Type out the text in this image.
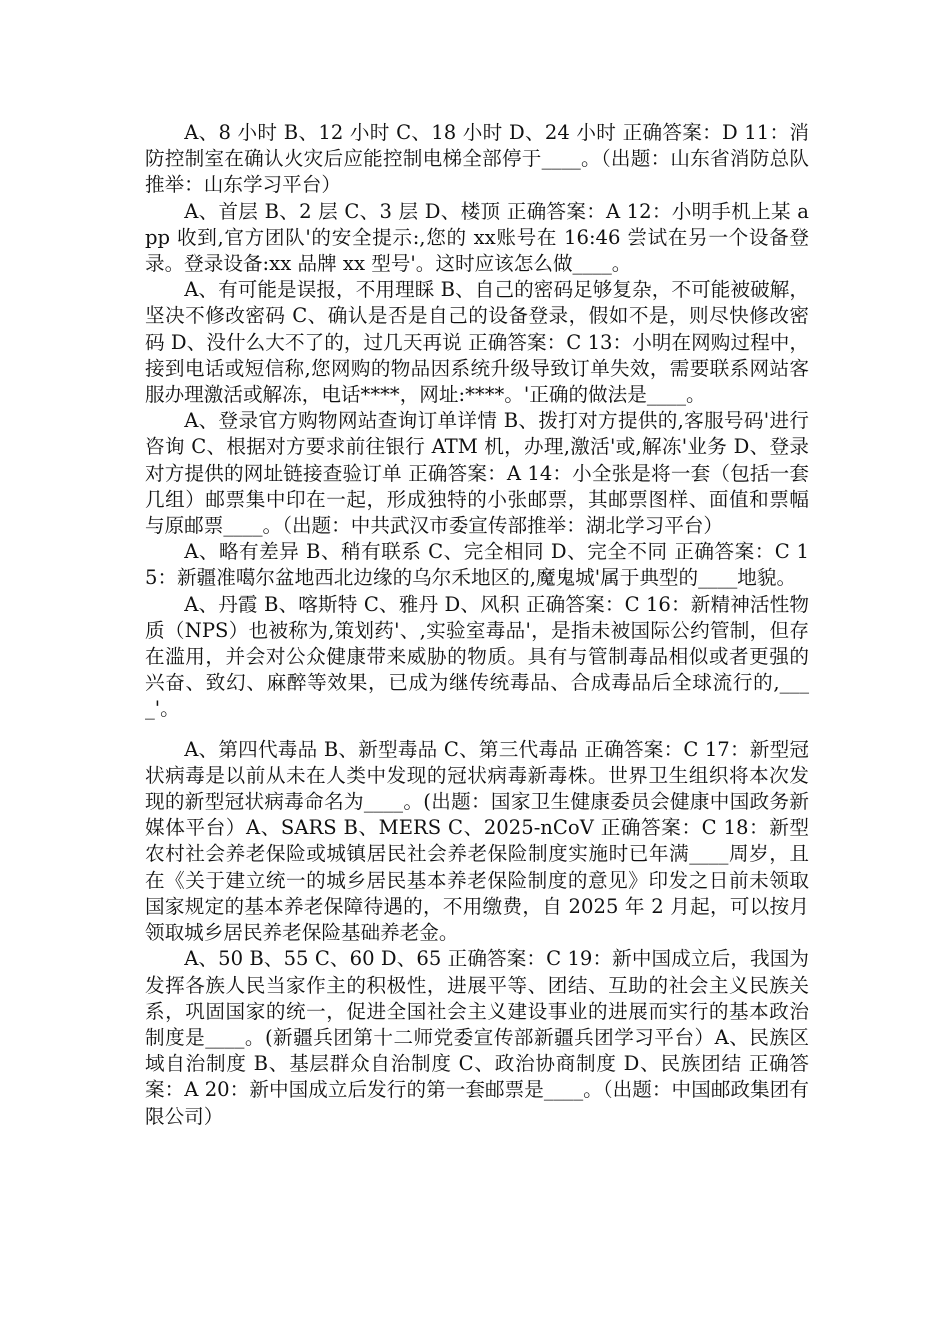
A、8 小时 B、12 小时 C、18 小时 D、24 小时 正确答案：D 11：消防控制室在确认火灾后应能控制电梯全部停于____。（出题：山东省消防总队推举：山东学习平台）

A、首层 B、2 层 C、3 层 D、楼顶 正确答案：A 12：小明手机上某 app 收到,官方团队'的安全提示:,您的 xx账号在 16:46 尝试在另一个设备登录。登录设备:xx 品牌 xx 型号'。这时应该怎么做____。

A、有可能是误报，不用理睬 B、自己的密码足够复杂，不可能被破解，坚决不修改密码 C、确认是否是自己的设备登录，假如不是，则尽快修改密码 D、没什么大不了的，过几天再说 正确答案：C 13：小明在网购过程中，接到电话或短信称,您网购的物品因系统升级导致订单失效，需要联系网站客服办理激活或解冻，电话****，网址:****。'正确的做法是____。

A、登录官方购物网站查询订单详情 B、拨打对方提供的,客服号码'进行咨询 C、根据对方要求前往银行 ATM 机，办理,激活'或,解冻'业务 D、登录对方提供的网址链接查验订单 正确答案：A 14：小全张是将一套（包括一套几组）邮票集中印在一起，形成独特的小张邮票，其邮票图样、面值和票幅与原邮票____。（出题：中共武汉市委宣传部推举：湖北学习平台）

A、略有差异 B、稍有联系 C、完全相同 D、完全不同 正确答案：C 15：新疆准噶尔盆地西北边缘的乌尔禾地区的,魔鬼城'属于典型的____地貌。

A、丹霞 B、喀斯特 C、雅丹 D、风积 正确答案：C 16：新精神活性物质（NPS）也被称为,策划药'、,实验室毒品'，是指未被国际公约管制，但存在滥用，并会对公众健康带来威胁的物质。具有与管制毒品相似或者更强的兴奋、致幻、麻醉等效果，已成为继传统毒品、合成毒品后全球流行的,____'。

A、第四代毒品 B、新型毒品 C、第三代毒品 正确答案：C 17：新型冠状病毒是以前从未在人类中发现的冠状病毒新毒株。世界卫生组织将本次发现的新型冠状病毒命名为____。(出题：国家卫生健康委员会健康中国政务新媒体平台）A、SARS B、MERS C、2025-nCoV 正确答案：C 18：新型农村社会养老保险或城镇居民社会养老保险制度实施时已年满____周岁，且在《关于建立统一的城乡居民基本养老保险制度的意见》印发之日前未领取国家规定的基本养老保障待遇的，不用缴费，自 2025 年 2 月起，可以按月领取城乡居民养老保险基础养老金。

A、50 B、55 C、60 D、65 正确答案：C 19：新中国成立后，我国为发挥各族人民当家作主的积极性，进展平等、团结、互助的社会主义民族关系，巩固国家的统一，促进全国社会主义建设事业的进展而实行的基本政治制度是____。(新疆兵团第十二师党委宣传部新疆兵团学习平台）A、民族区域自治制度 B、基层群众自治制度 C、政治协商制度 D、民族团结 正确答案：A 20：新中国成立后发行的第一套邮票是____。（出题：中国邮政集团有限公司）
